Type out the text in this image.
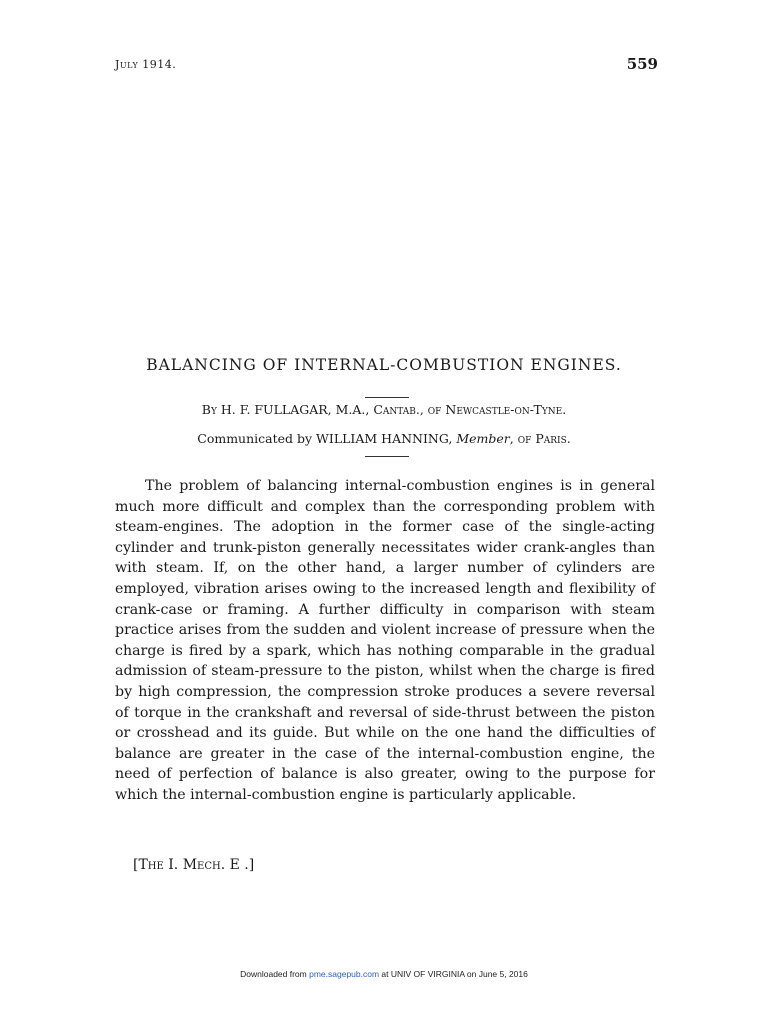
July 1914.	559
BALANCING OF INTERNAL-COMBUSTION ENGINES.
By H. F. FULLAGAR, M.A., Cantab., of Newcastle-on-Tyne.
Communicated by WILLIAM HANNING, Member, of Paris.

The problem of balancing internal-combustion engines is in general much more difficult and complex than the corresponding problem with steam-engines. The adoption in the former case of the single-acting cylinder and trunk-piston generally necessitates wider crank-angles than with steam. If, on the other hand, a larger number of cylinders are employed, vibration arises owing to the increased length and flexibility of crank-case or framing. A further difficulty in comparison with steam practice arises from the sudden and violent increase of pressure when the charge is fired by a spark, which has nothing comparable in the gradual admission of steam-pressure to the piston, whilst when the charge is fired by high compression, the compression stroke produces a severe reversal of torque in the crankshaft and reversal of side-thrust between the piston or crosshead and its guide. But while on the one hand the difficulties of balance are greater in the case of the internal-combustion engine, the need of perfection of balance is also greater, owing to the purpose for which the internal-combustion engine is particularly applicable.

[The I. Mech. E .]
Downloaded from pme.sagepub.com at UNIV OF VIRGINIA on June 5, 2016
